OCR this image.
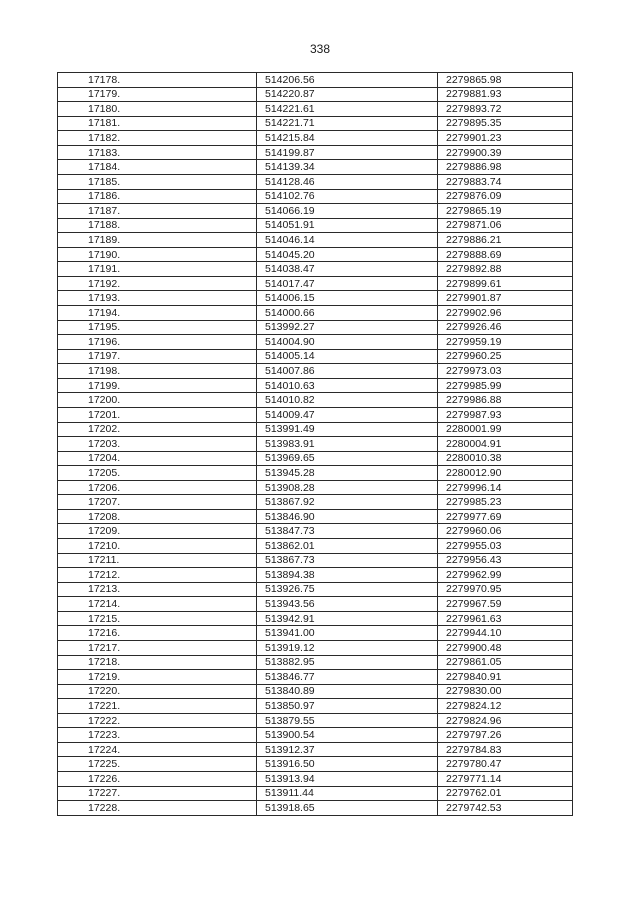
338
17178.	514206.56	2279865.98
17179.	514220.87	2279881.93
17180.	514221.61	2279893.72
17181.	514221.71	2279895.35
17182.	514215.84	2279901.23
17183.	514199.87	2279900.39
17184.	514139.34	2279886.98
17185.	514128.46	2279883.74
17186.	514102.76	2279876.09
17187.	514066.19	2279865.19
17188.	514051.91	2279871.06
17189.	514046.14	2279886.21
17190.	514045.20	2279888.69
17191.	514038.47	2279892.88
17192.	514017.47	2279899.61
17193.	514006.15	2279901.87
17194.	514000.66	2279902.96
17195.	513992.27	2279926.46
17196.	514004.90	2279959.19
17197.	514005.14	2279960.25
17198.	514007.86	2279973.03
17199.	514010.63	2279985.99
17200.	514010.82	2279986.88
17201.	514009.47	2279987.93
17202.	513991.49	2280001.99
17203.	513983.91	2280004.91
17204.	513969.65	2280010.38
17205.	513945.28	2280012.90
17206.	513908.28	2279996.14
17207.	513867.92	2279985.23
17208.	513846.90	2279977.69
17209.	513847.73	2279960.06
17210.	513862.01	2279955.03
17211.	513867.73	2279956.43
17212.	513894.38	2279962.99
17213.	513926.75	2279970.95
17214.	513943.56	2279967.59
17215.	513942.91	2279961.63
17216.	513941.00	2279944.10
17217.	513919.12	2279900.48
17218.	513882.95	2279861.05
17219.	513846.77	2279840.91
17220.	513840.89	2279830.00
17221.	513850.97	2279824.12
17222.	513879.55	2279824.96
17223.	513900.54	2279797.26
17224.	513912.37	2279784.83
17225.	513916.50	2279780.47
17226.	513913.94	2279771.14
17227.	513911.44	2279762.01
17228.	513918.65	2279742.53
